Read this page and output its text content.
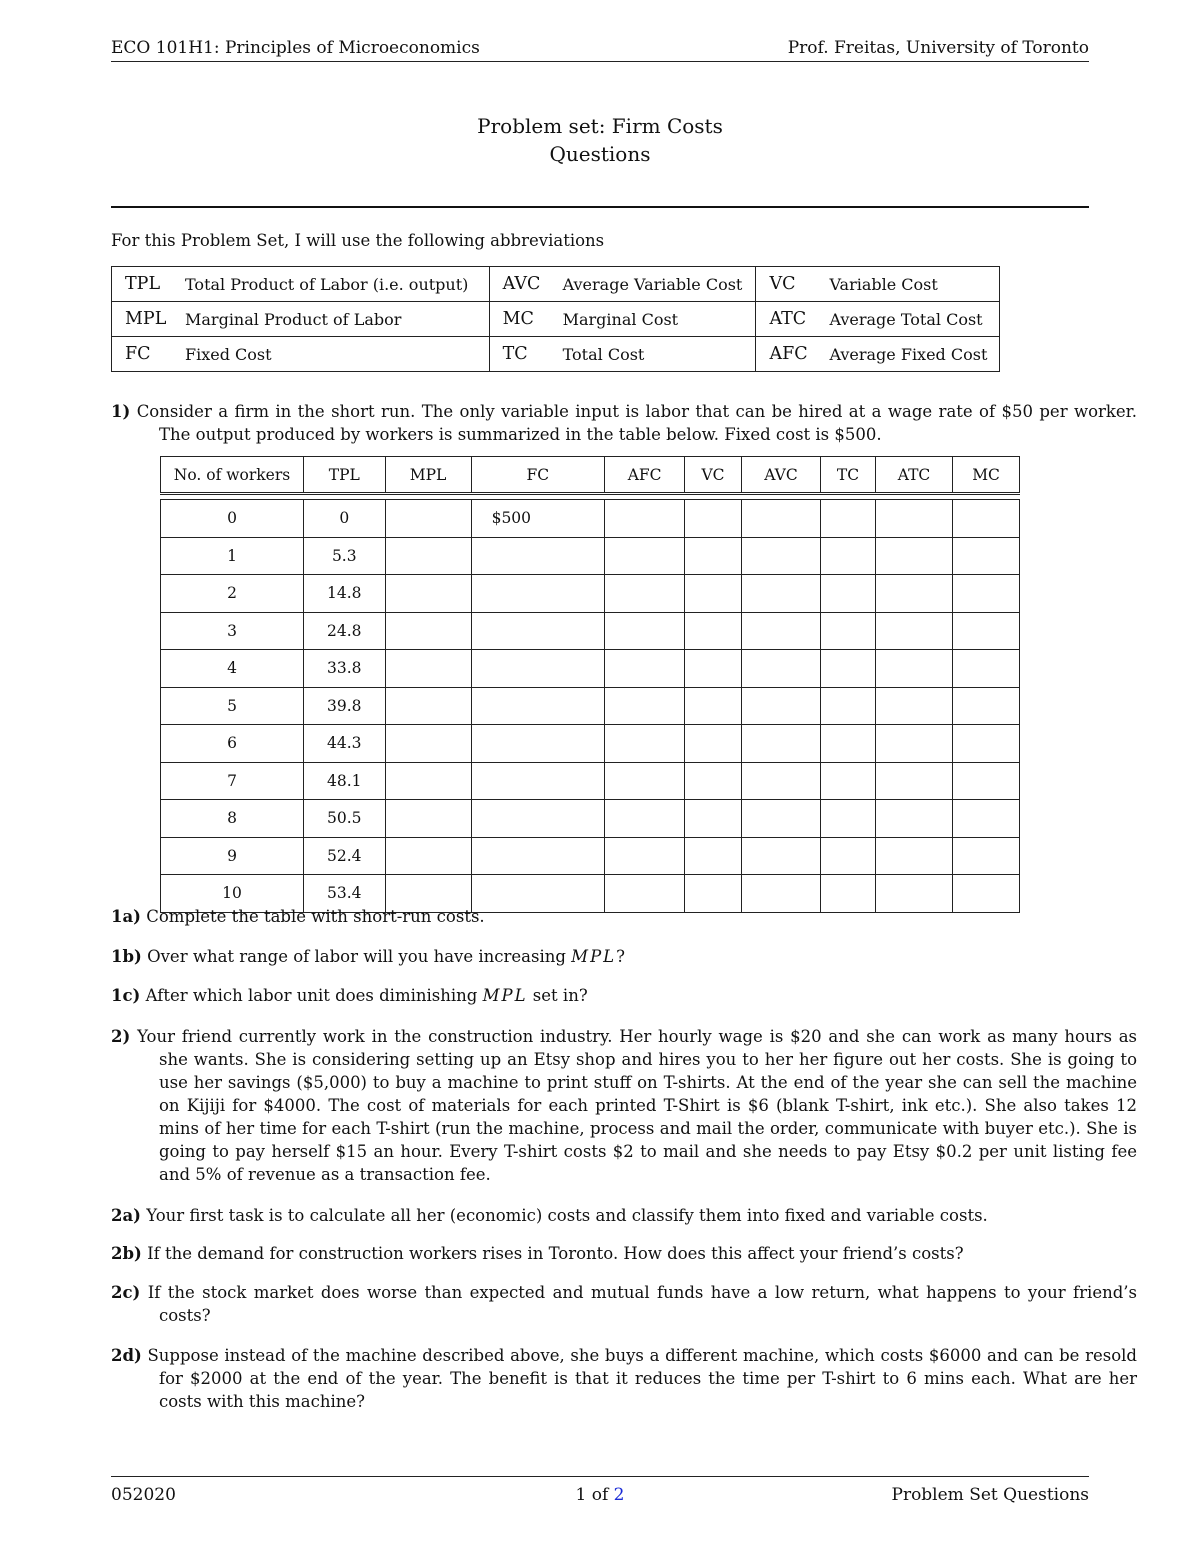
ECO 101H1: Principles of Microeconomics	Prof. Freitas, University of Toronto
Problem set: Firm Costs
Questions
For this Problem Set, I will use the following abbreviations
TPL	Total Product of Labor (i.e. output)	AVC	Average Variable Cost	VC	Variable Cost
MPL	Marginal Product of Labor	MC	Marginal Cost	ATC	Average Total Cost
FC	Fixed Cost	TC	Total Cost	AFC	Average Fixed Cost
1) Consider a firm in the short run. The only variable input is labor that can be hired at a wage rate of $50 per worker. The output produced by workers is summarized in the table below. Fixed cost is $500.
No. of workers	TPL	MPL	FC	AFC	VC	AVC	TC	ATC	MC

0	0		$500						
1	5.3								
2	14.8								
3	24.8								
4	33.8								
5	39.8								
6	44.3								
7	48.1								
8	50.5								
9	52.4								
10	53.4								
1a) Complete the table with short-run costs.
1b) Over what range of labor will you have increasing MPL?
1c) After which labor unit does diminishing MPL set in?
2) Your friend currently work in the construction industry. Her hourly wage is $20 and she can work as many hours as she wants. She is considering setting up an Etsy shop and hires you to her her figure out her costs. She is going to use her savings ($5,000) to buy a machine to print stuff on T-shirts. At the end of the year she can sell the machine on Kijiji for $4000. The cost of materials for each printed T-Shirt is $6 (blank T-shirt, ink etc.). She also takes 12 mins of her time for each T-shirt (run the machine, process and mail the order, communicate with buyer etc.). She is going to pay herself $15 an hour. Every T-shirt costs $2 to mail and she needs to pay Etsy $0.2 per unit listing fee and 5% of revenue as a transaction fee.
2a) Your first task is to calculate all her (economic) costs and classify them into fixed and variable costs.
2b) If the demand for construction workers rises in Toronto. How does this affect your friend’s costs?
2c) If the stock market does worse than expected and mutual funds have a low return, what happens to your friend’s costs?
2d) Suppose instead of the machine described above, she buys a different machine, which costs $6000 and can be resold for $2000 at the end of the year. The benefit is that it reduces the time per T-shirt to 6 mins each. What are her costs with this machine?
052020	1 of 2	Problem Set Questions
